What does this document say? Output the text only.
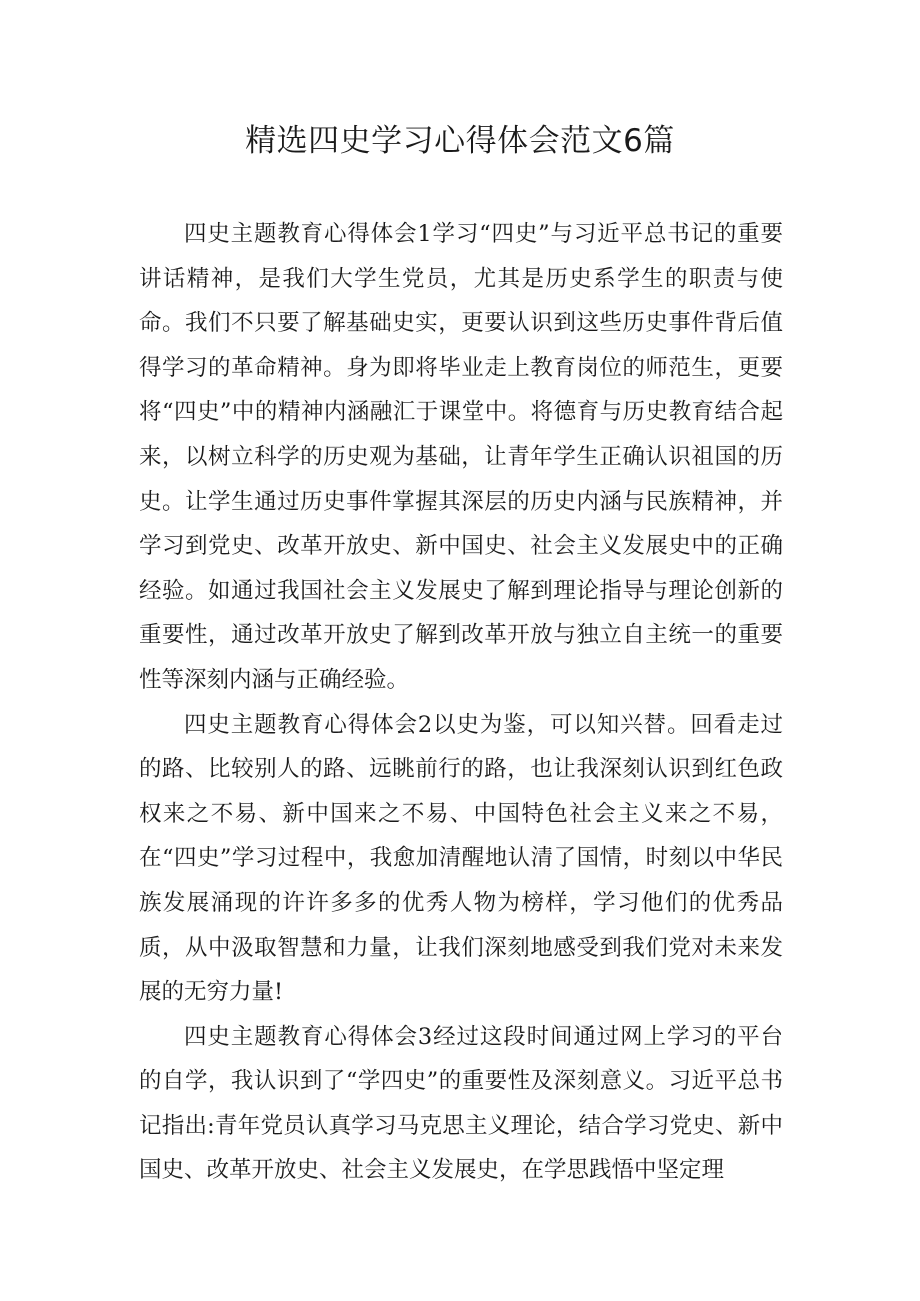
精选四史学习心得体会范文6篇

四史主题教育心得体会1学习“四史”与习近平总书记的重要讲话精神，是我们大学生党员，尤其是历史系学生的职责与使命。我们不只要了解基础史实，更要认识到这些历史事件背后值得学习的革命精神。身为即将毕业走上教育岗位的师范生，更要将“四史”中的精神内涵融汇于课堂中。将德育与历史教育结合起来，以树立科学的历史观为基础，让青年学生正确认识祖国的历史。让学生通过历史事件掌握其深层的历史内涵与民族精神，并学习到党史、改革开放史、新中国史、社会主义发展史中的正确经验。如通过我国社会主义发展史了解到理论指导与理论创新的重要性，通过改革开放史了解到改革开放与独立自主统一的重要性等深刻内涵与正确经验。

四史主题教育心得体会2以史为鉴，可以知兴替。回看走过的路、比较别人的路、远眺前行的路，也让我深刻认识到红色政权来之不易、新中国来之不易、中国特色社会主义来之不易，在“四史”学习过程中，我愈加清醒地认清了国情，时刻以中华民族发展涌现的许许多多的优秀人物为榜样，学习他们的优秀品质，从中汲取智慧和力量，让我们深刻地感受到我们党对未来发展的无穷力量!

四史主题教育心得体会3经过这段时间通过网上学习的平台的自学，我认识到了“学四史”的重要性及深刻意义。习近平总书记指出:青年党员认真学习马克思主义理论，结合学习党史、新中国史、改革开放史、社会主义发展史，在学思践悟中坚定理
